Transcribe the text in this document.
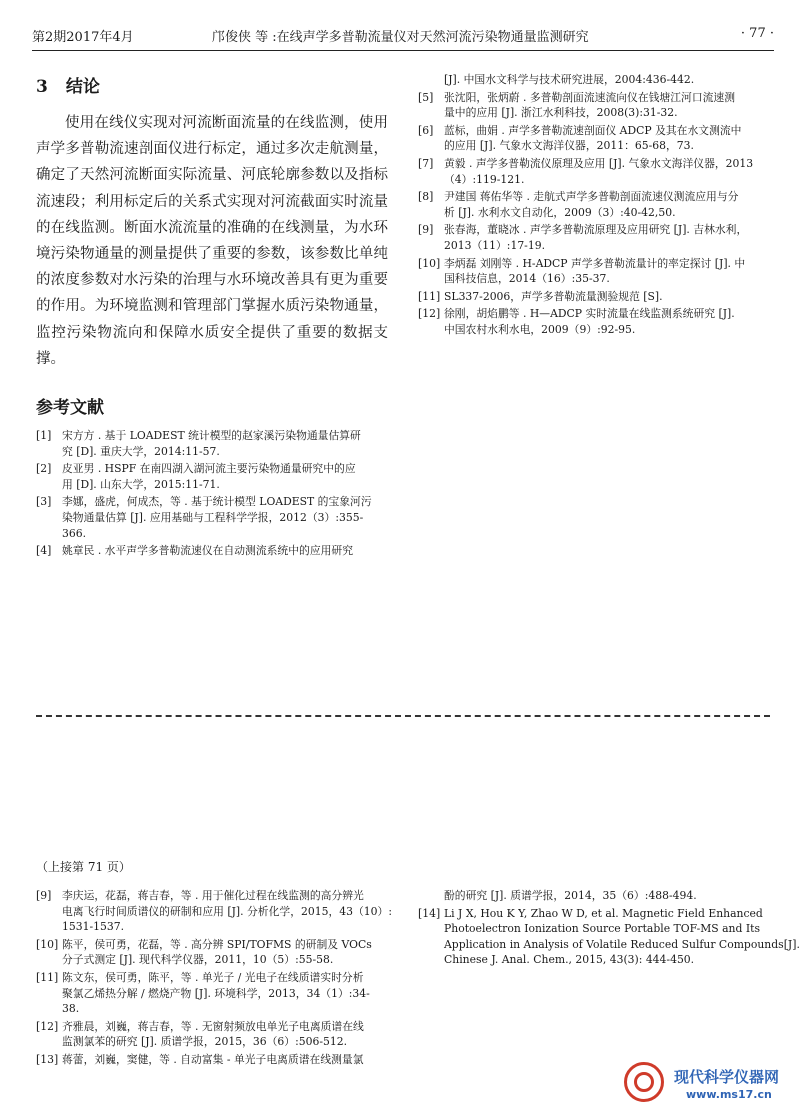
第2期2017年4月	邝俊侠 等 :在线声学多普勒流量仪对天然河流污染物通量监测研究	· 77 ·
3 结论

使用在线仪实现对河流断面流量的在线监测，使用声学多普勒流速剖面仪进行标定，通过多次走航测量，确定了天然河流断面实际流量、河底轮廓参数以及指标流速段；利用标定后的关系式实现对河流截面实时流量的在线监测。断面水流流量的准确的在线测量，为水环境污染物通量的测量提供了重要的参数，该参数比单纯的浓度参数对水污染的治理与水环境改善具有更为重要的作用。为环境监测和管理部门掌握水质污染物通量，监控污染物流向和保障水质安全提供了重要的数据支撑。

参考文献
[1] 宋方方 . 基于 LOADEST 统计模型的赵家溪污染物通量估算研
究 [D]. 重庆大学，2014:11-57.
[2] 皮亚男 . HSPF 在南四湖入湖河流主要污染物通量研究中的应
用 [D]. 山东大学，2015:11-71.
[3] 李娜，盛虎，何成杰，等 . 基于统计模型 LOADEST 的宝象河污
染物通量估算 [J]. 应用基础与工程科学学报，2012（3）:355-
366.
[4] 姚章民 . 水平声学多普勒流速仪在自动测流系统中的应用研究
[J]. 中国水文科学与技术研究进展，2004:436-442.
[5] 张沈阳，张炳蔚 . 多普勒剖面流速流向仪在钱塘江河口流速测
量中的应用 [J]. 浙江水利科技，2008(3):31-32.
[6] 蓝标，曲娟 . 声学多普勒流速剖面仪 ADCP 及其在水文测流中
的应用 [J]. 气象水文海洋仪器，2011：65-68，73.
[7] 黄毅 . 声学多普勒流仪原理及应用 [J]. 气象水文海洋仪器，2013
（4）:119-121.
[8] 尹建国 蒋佑华等 . 走航式声学多普勒剖面流速仪测流应用与分
析 [J]. 水利水文自动化，2009（3）:40-42,50.
[9] 张春海，董晓冰 . 声学多普勒流原理及应用研究 [J]. 吉林水利，
2013（11）:17-19.
[10] 李炳磊 刘刚等 . H-ADCP 声学多普勒流量计的率定探讨 [J]. 中
国科技信息，2014（16）:35-37.
[11] SL337-2006，声学多普勒流量测验规范 [S].
[12] 徐刚，胡焰鹏等 . H—ADCP 实时流量在线监测系统研究 [J].
中国农村水利水电，2009（9）:92-95.
（上接第 71 页）
[9] 李庆运，花磊，蒋吉春，等 . 用于催化过程在线监测的高分辨光
电离飞行时间质谱仪的研制和应用 [J]. 分析化学，2015，43（10）:
1531-1537.
[10] 陈平，侯可勇，花磊，等 . 高分辨 SPI/TOFMS 的研制及 VOCs
分子式测定 [J]. 现代科学仪器，2011，10（5）:55-58.
[11] 陈文东，侯可勇，陈平，等 . 单光子 / 光电子在线质谱实时分析
聚氯乙烯热分解 / 燃烧产物 [J]. 环境科学，2013，34（1）:34-
38.
[12] 齐雅晨，刘巍，蒋吉春，等 . 无窗射频放电单光子电离质谱在线
监测氯苯的研究 [J]. 质谱学报，2015，36（6）:506-512.
[13] 蒋蕾，刘巍，窦健，等 . 自动富集 - 单光子电离质谱在线测量氯
酚的研究 [J]. 质谱学报，2014，35（6）:488-494.
[14] Li J X, Hou K Y, Zhao W D, et al. Magnetic Field Enhanced
Photoelectron Ionization Source Portable TOF-MS and Its
Application in Analysis of Volatile Reduced Sulfur Compounds[J].
Chinese J. Anal. Chem., 2015, 43(3): 444-450.
现代科学仪器网
www.ms17.cn
